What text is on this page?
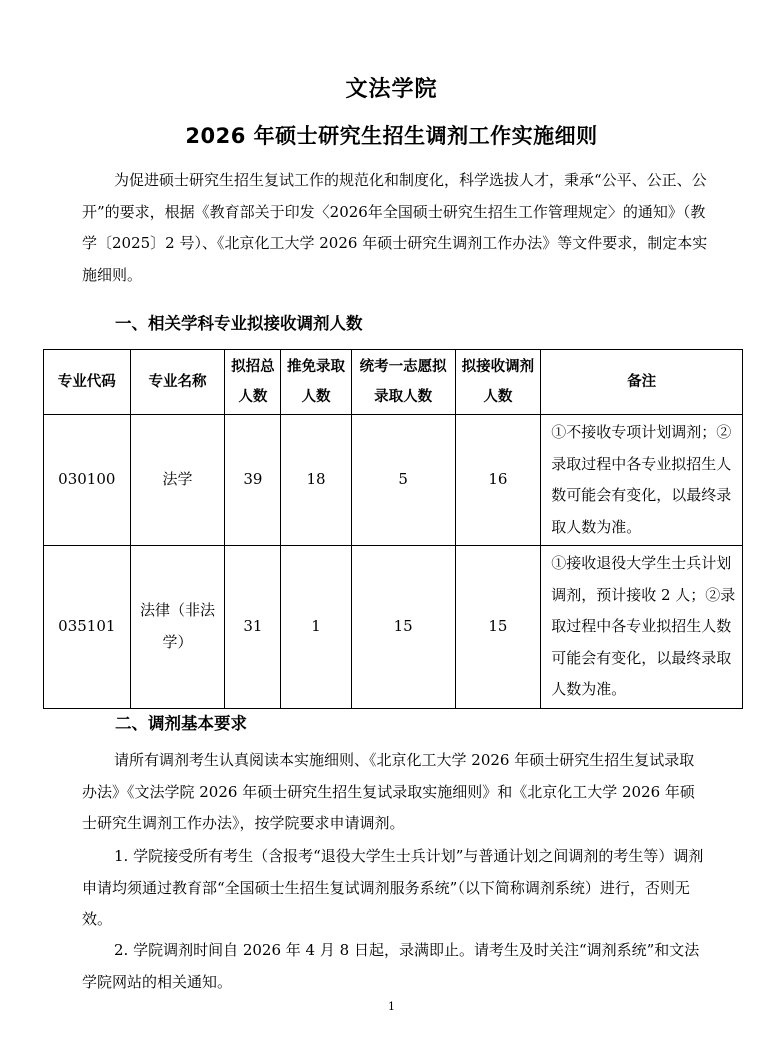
文法学院
2026 年硕士研究生招生调剂工作实施细则
为促进硕士研究生招生复试工作的规范化和制度化，科学选拔人才，秉承“公平、公正、公开”的要求，根据《教育部关于印发〈2026年全国硕士研究生招生工作管理规定〉的通知》（教学〔2025〕2 号）、《北京化工大学 2026 年硕士研究生调剂工作办法》等文件要求，制定本实施细则。
一、相关学科专业拟接收调剂人数
专业代码	专业名称	拟招总人数	推免录取人数	统考一志愿拟录取人数	拟接收调剂人数	备注
030100	法学	39	18	5	16	①不接收专项计划调剂；②录取过程中各专业拟招生人数可能会有变化，以最终录取人数为准。
035101	法律（非法学）	31	1	15	15	①接收退役大学生士兵计划调剂，预计接收 2 人；②录取过程中各专业拟招生人数可能会有变化，以最终录取人数为准。
二、调剂基本要求
请所有调剂考生认真阅读本实施细则、《北京化工大学 2026 年硕士研究生招生复试录取办法》《文法学院 2026 年硕士研究生招生复试录取实施细则》和《北京化工大学 2026 年硕士研究生调剂工作办法》，按学院要求申请调剂。
1. 学院接受所有考生（含报考“退役大学生士兵计划”与普通计划之间调剂的考生等）调剂申请均须通过教育部“全国硕士生招生复试调剂服务系统”（以下简称调剂系统）进行，否则无效。
2. 学院调剂时间自 2026 年 4 月 8 日起，录满即止。请考生及时关注“调剂系统”和文法学院网站的相关通知。
1
